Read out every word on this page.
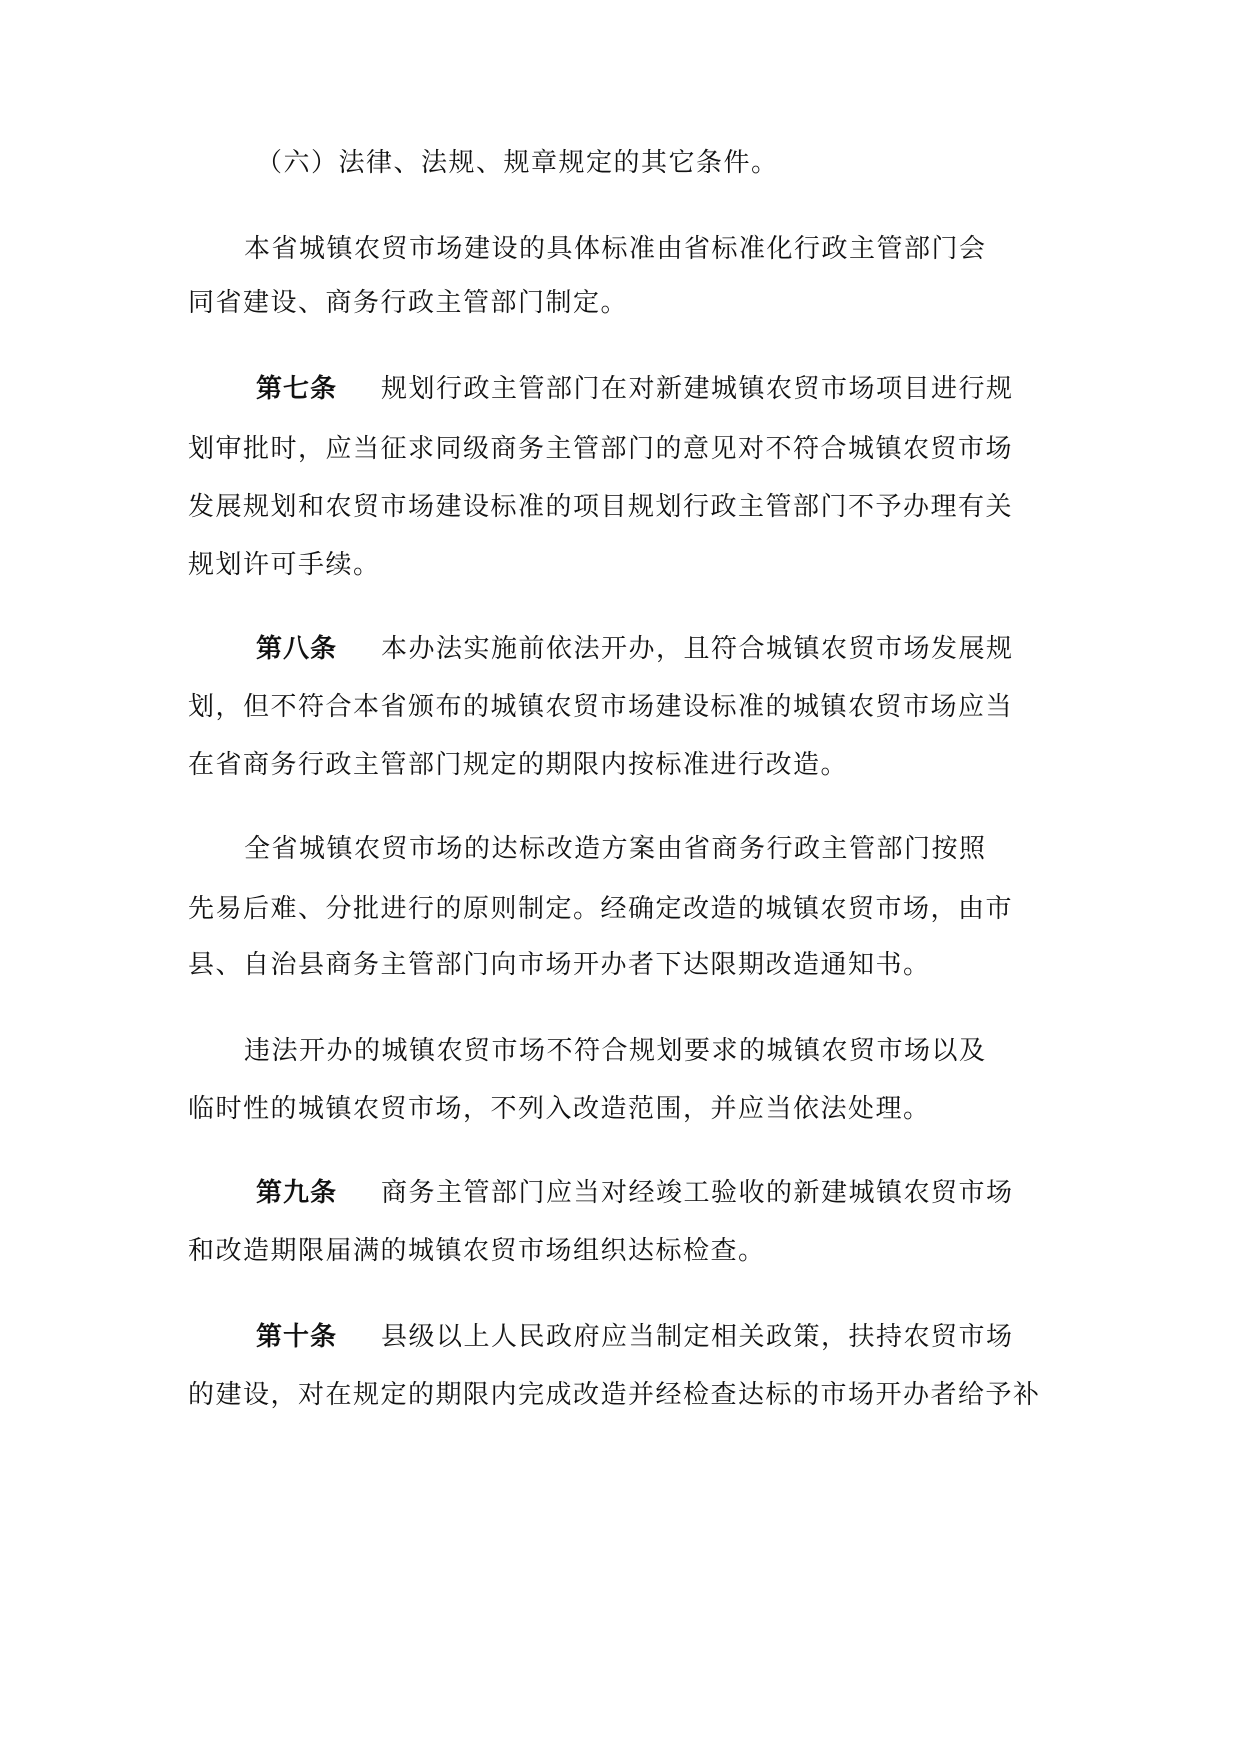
（六）法律、法规、规章规定的其它条件。
本省城镇农贸市场建设的具体标准由省标准化行政主管部门会
同省建设、商务行政主管部门制定。
第七条 规划行政主管部门在对新建城镇农贸市场项目进行规
划审批时，应当征求同级商务主管部门的意见对不符合城镇农贸市场
发展规划和农贸市场建设标准的项目规划行政主管部门不予办理有关
规划许可手续。
第八条 本办法实施前依法开办，且符合城镇农贸市场发展规
划，但不符合本省颁布的城镇农贸市场建设标准的城镇农贸市场应当
在省商务行政主管部门规定的期限内按标准进行改造。
全省城镇农贸市场的达标改造方案由省商务行政主管部门按照
先易后难、分批进行的原则制定。经确定改造的城镇农贸市场，由市
县、自治县商务主管部门向市场开办者下达限期改造通知书。
违法开办的城镇农贸市场不符合规划要求的城镇农贸市场以及
临时性的城镇农贸市场，不列入改造范围，并应当依法处理。
第九条 商务主管部门应当对经竣工验收的新建城镇农贸市场
和改造期限届满的城镇农贸市场组织达标检查。
第十条 县级以上人民政府应当制定相关政策，扶持农贸市场
的建设，对在规定的期限内完成改造并经检查达标的市场开办者给予补
